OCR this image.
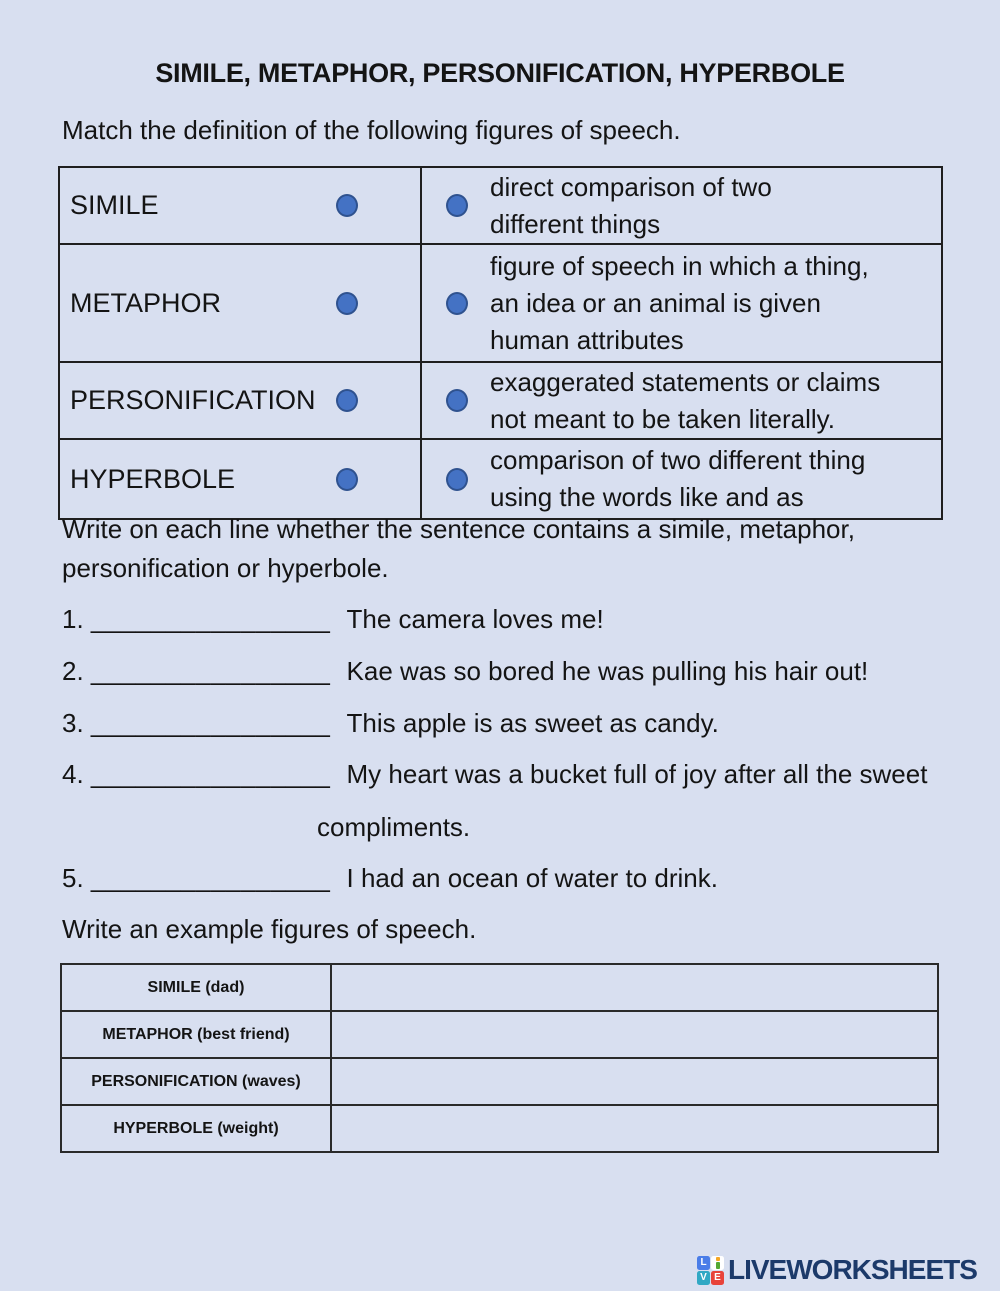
SIMILE, METAPHOR, PERSONIFICATION, HYPERBOLE
Match the definition of the following figures of speech.
SIMILE	direct comparison of two
different things

METAPHOR	figure of speech in which a thing,
an idea or an animal is given
human attributes

PERSONIFICATION	exaggerated statements or claims
not meant to be taken literally.

HYPERBOLE	comparison of two different thing
using the words like and as
Write on each line whether the sentence contains a simile, metaphor,
personification or hyperbole.
1. ________________ The camera loves me!
2. ________________ Kae was so bored he was pulling his hair out!
3. ________________ This apple is as sweet as candy.
4. ________________ My heart was a bucket full of joy after all the sweet
compliments.
5. ________________ I had an ocean of water to drink.
Write an example figures of speech.
SIMILE (dad)	
METAPHOR (best friend)	
PERSONIFICATION (waves)	
HYPERBOLE (weight)	
L
V E LIVEWORKSHEETS
